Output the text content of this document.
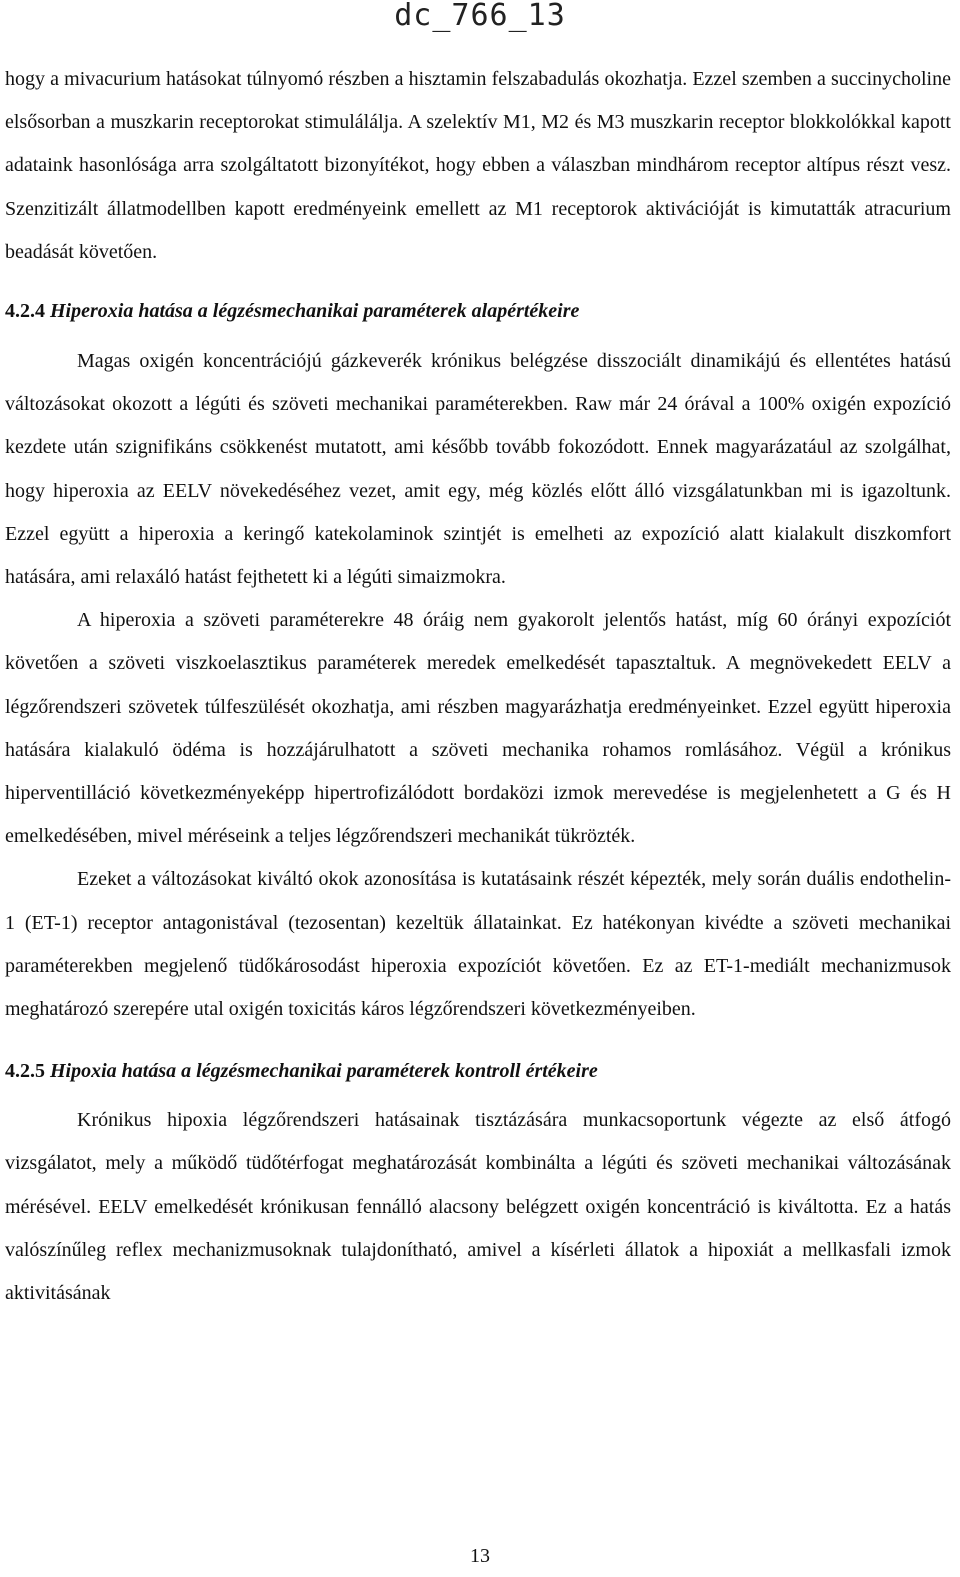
dc_766_13

hogy a mivacurium hatásokat túlnyomó részben a hisztamin felszabadulás okozhatja. Ezzel szemben a succinycholine elsősorban a muszkarin receptorokat stimulálálja. A szelektív M1, M2 és M3 muszkarin receptor blokkolókkal kapott adataink hasonlósága arra szolgáltatott bizonyítékot, hogy ebben a válaszban mindhárom receptor altípus részt vesz. Szenzitizált állatmodellben kapott eredményeink emellett az M1 receptorok aktivációját is kimutatták atracurium beadását követően.

4.2.4 Hiperoxia hatása a légzésmechanikai paraméterek alapértékeire

Magas oxigén koncentrációjú gázkeverék krónikus belégzése disszociált dinamikájú és ellentétes hatású változásokat okozott a légúti és szöveti mechanikai paraméterekben. Raw már 24 órával a 100% oxigén expozíció kezdete után szignifikáns csökkenést mutatott, ami később tovább fokozódott. Ennek magyarázatául az szolgálhat, hogy hiperoxia az EELV növekedéséhez vezet, amit egy, még közlés előtt álló vizsgálatunkban mi is igazoltunk. Ezzel együtt a hiperoxia a keringő katekolaminok szintjét is emelheti az expozíció alatt kialakult diszkomfort hatására, ami relaxáló hatást fejthetett ki a légúti simaizmokra.

A hiperoxia a szöveti paraméterekre 48 óráig nem gyakorolt jelentős hatást, míg 60 órányi expozíciót követően a szöveti viszkoelasztikus paraméterek meredek emelkedését tapasztaltuk. A megnövekedett EELV a légzőrendszeri szövetek túlfeszülését okozhatja, ami részben magyarázhatja eredményeinket. Ezzel együtt hiperoxia hatására kialakuló ödéma is hozzájárulhatott a szöveti mechanika rohamos romlásához. Végül a krónikus hiperventilláció következményeképp hipertrofizálódott bordaközi izmok merevedése is megjelenhetett a G és H emelkedésében, mivel méréseink a teljes légzőrendszeri mechanikát tükrözték.

Ezeket a változásokat kiváltó okok azonosítása is kutatásaink részét képezték, mely során duális endothelin-1 (ET-1) receptor antagonistával (tezosentan) kezeltük állatainkat. Ez hatékonyan kivédte a szöveti mechanikai paraméterekben megjelenő tüdőkárosodást hiperoxia expozíciót követően. Ez az ET-1-mediált mechanizmusok meghatározó szerepére utal oxigén toxicitás káros légzőrendszeri következményeiben.

4.2.5 Hipoxia hatása a légzésmechanikai paraméterek kontroll értékeire

Krónikus hipoxia légzőrendszeri hatásainak tisztázására munkacsoportunk végezte az első átfogó vizsgálatot, mely a működő tüdőtérfogat meghatározását kombinálta a légúti és szöveti mechanikai változásának mérésével. EELV emelkedését krónikusan fennálló alacsony belégzett oxigén koncentráció is kiváltotta. Ez a hatás valószínűleg reflex mechanizmusoknak tulajdonítható, amivel a kísérleti állatok a hipoxiát a mellkasfali izmok aktivitásának

13
